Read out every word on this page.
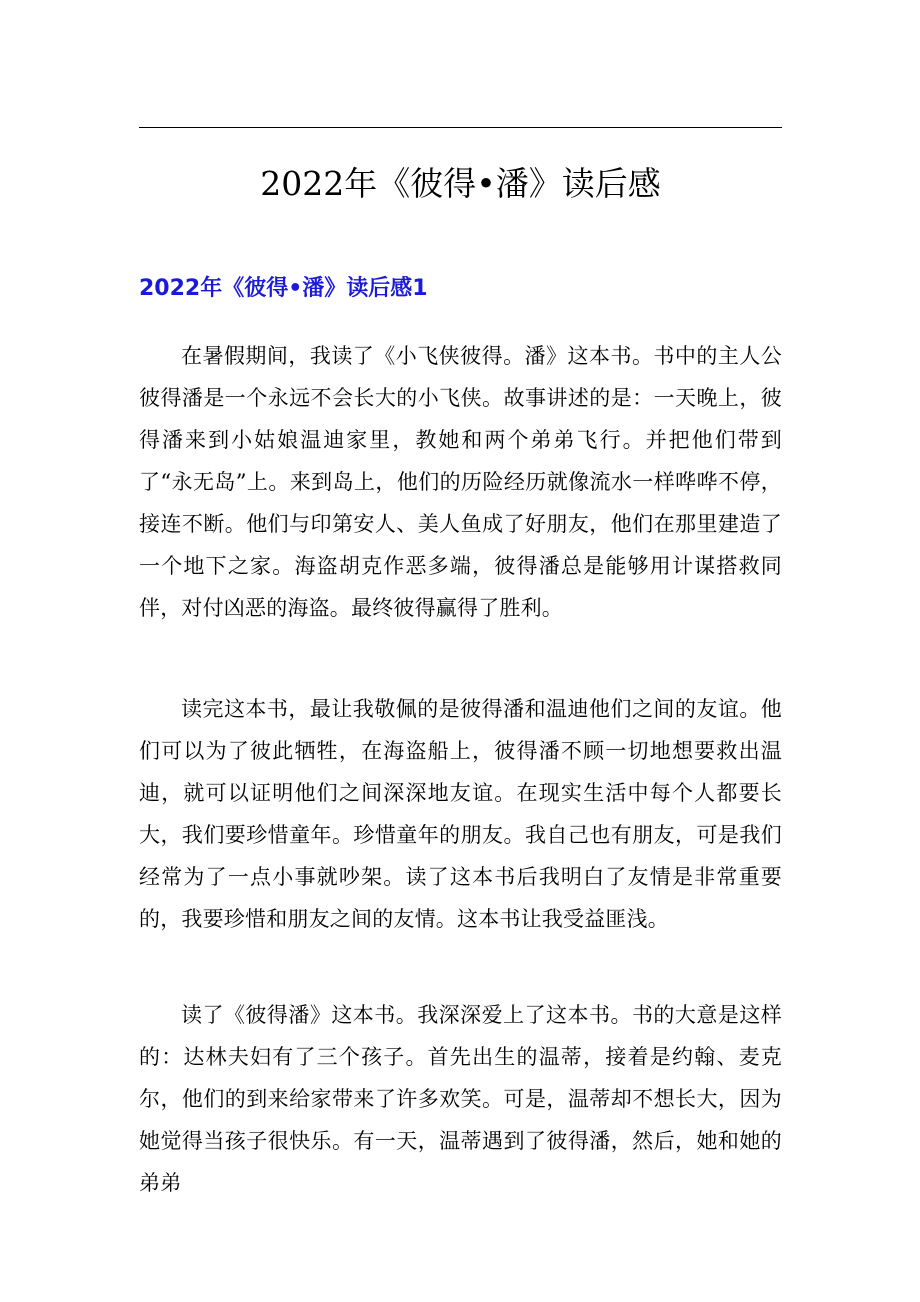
2022年《彼得•潘》读后感
2022年《彼得•潘》读后感1

在暑假期间，我读了《小飞侠彼得。潘》这本书。书中的主人公彼得潘是一个永远不会长大的小飞侠。故事讲述的是：一天晚上，彼得潘来到小姑娘温迪家里，教她和两个弟弟飞行。并把他们带到了“永无岛”上。来到岛上，他们的历险经历就像流水一样哗哗不停，接连不断。他们与印第安人、美人鱼成了好朋友，他们在那里建造了一个地下之家。海盗胡克作恶多端，彼得潘总是能够用计谋搭救同伴，对付凶恶的海盗。最终彼得赢得了胜利。

读完这本书，最让我敬佩的是彼得潘和温迪他们之间的友谊。他们可以为了彼此牺牲，在海盗船上，彼得潘不顾一切地想要救出温迪，就可以证明他们之间深深地友谊。在现实生活中每个人都要长大，我们要珍惜童年。珍惜童年的朋友。我自己也有朋友，可是我们经常为了一点小事就吵架。读了这本书后我明白了友情是非常重要的，我要珍惜和朋友之间的友情。这本书让我受益匪浅。

读了《彼得潘》这本书。我深深爱上了这本书。书的大意是这样的：达林夫妇有了三个孩子。首先出生的温蒂，接着是约翰、麦克尔，他们的到来给家带来了许多欢笑。可是，温蒂却不想长大，因为她觉得当孩子很快乐。有一天，温蒂遇到了彼得潘，然后，她和她的弟弟
